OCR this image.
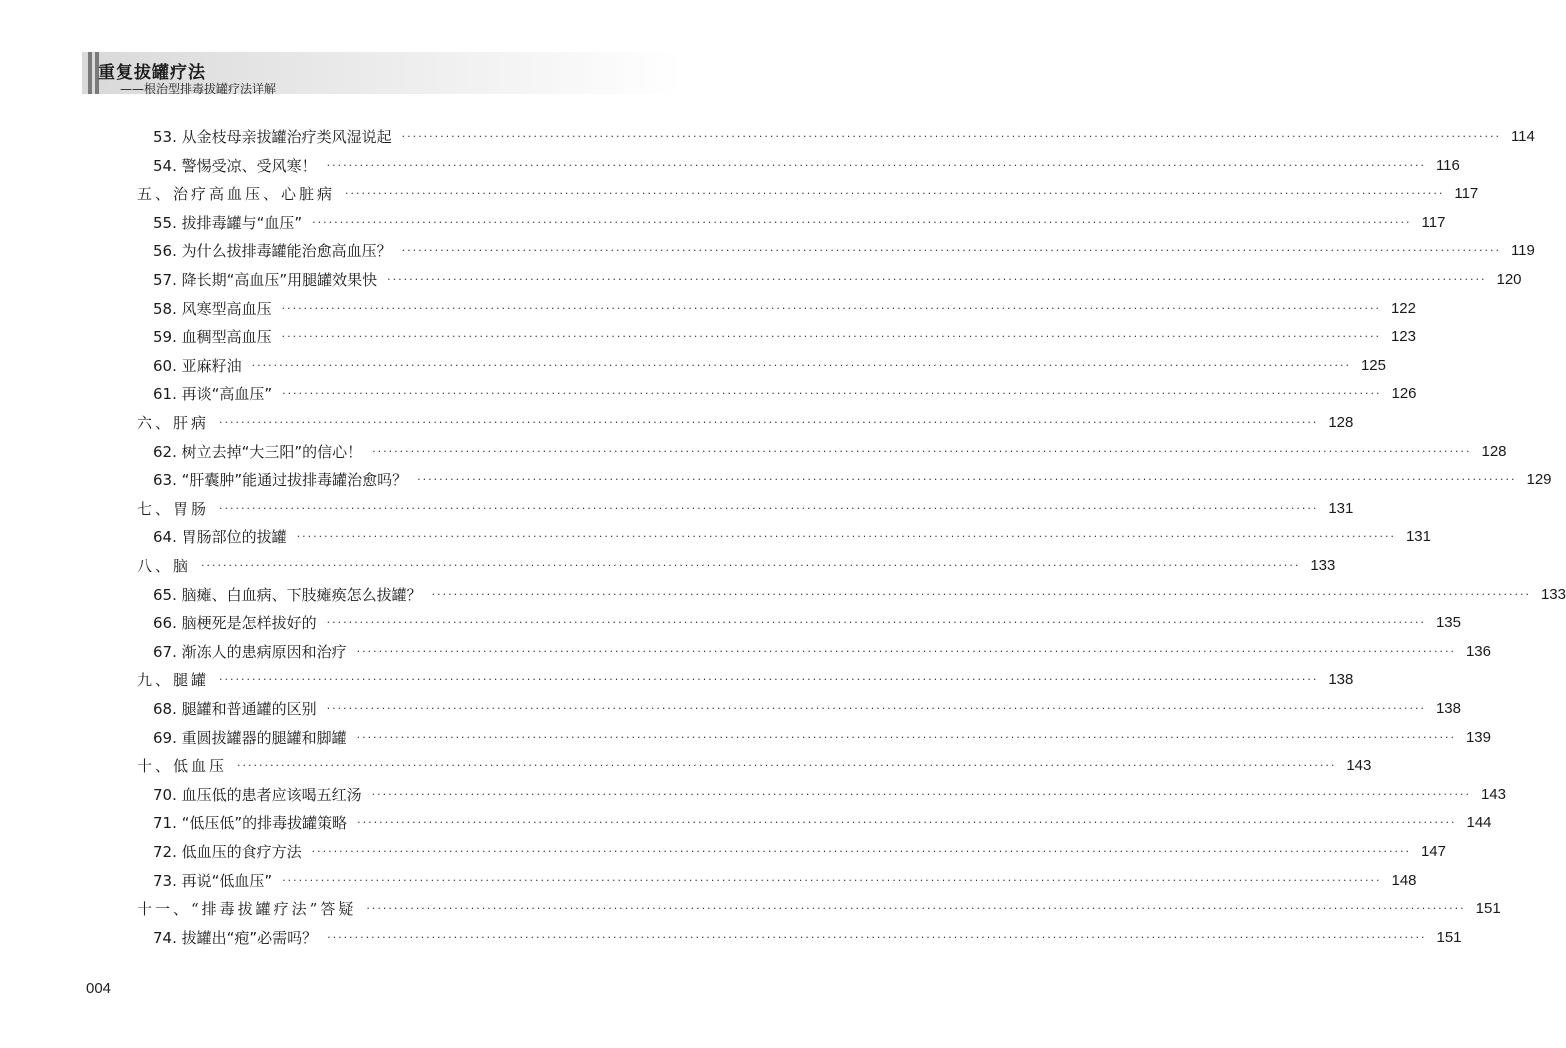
重复拔罐疗法
——根治型排毒拔罐疗法详解
53. 从金枝母亲拔罐治疗类风湿说起 ········································································································································································································ 114
54. 警惕受凉、受风寒！ ········································································································································································································ 116
五、治疗高血压、心脏病 ········································································································································································································ 117
55. 拔排毒罐与“血压” ········································································································································································································ 117
56. 为什么拔排毒罐能治愈高血压？ ········································································································································································································ 119
57. 降长期“高血压”用腿罐效果快 ········································································································································································································ 120
58. 风寒型高血压 ········································································································································································································ 122
59. 血稠型高血压 ········································································································································································································ 123
60. 亚麻籽油 ········································································································································································································ 125
61. 再谈“高血压” ········································································································································································································ 126
六、肝病 ········································································································································································································ 128
62. 树立去掉“大三阳”的信心！ ········································································································································································································ 128
63. “肝囊肿”能通过拔排毒罐治愈吗？ ········································································································································································································ 129
七、胃肠 ········································································································································································································ 131
64. 胃肠部位的拔罐 ········································································································································································································ 131
八、脑 ········································································································································································································ 133
65. 脑瘫、白血病、下肢瘫痪怎么拔罐？ ········································································································································································································ 133
66. 脑梗死是怎样拔好的 ········································································································································································································ 135
67. 渐冻人的患病原因和治疗 ········································································································································································································ 136
九、腿罐 ········································································································································································································ 138
68. 腿罐和普通罐的区别 ········································································································································································································ 138
69. 重圆拔罐器的腿罐和脚罐 ········································································································································································································ 139
十、低血压 ········································································································································································································ 143
70. 血压低的患者应该喝五红汤 ········································································································································································································ 143
71. “低压低”的排毒拔罐策略 ········································································································································································································ 144
72. 低血压的食疗方法 ········································································································································································································ 147
73. 再说“低血压” ········································································································································································································ 148
十一、“排毒拔罐疗法”答疑 ········································································································································································································ 151
74. 拔罐出“疱”必需吗？ ········································································································································································································ 151
004
